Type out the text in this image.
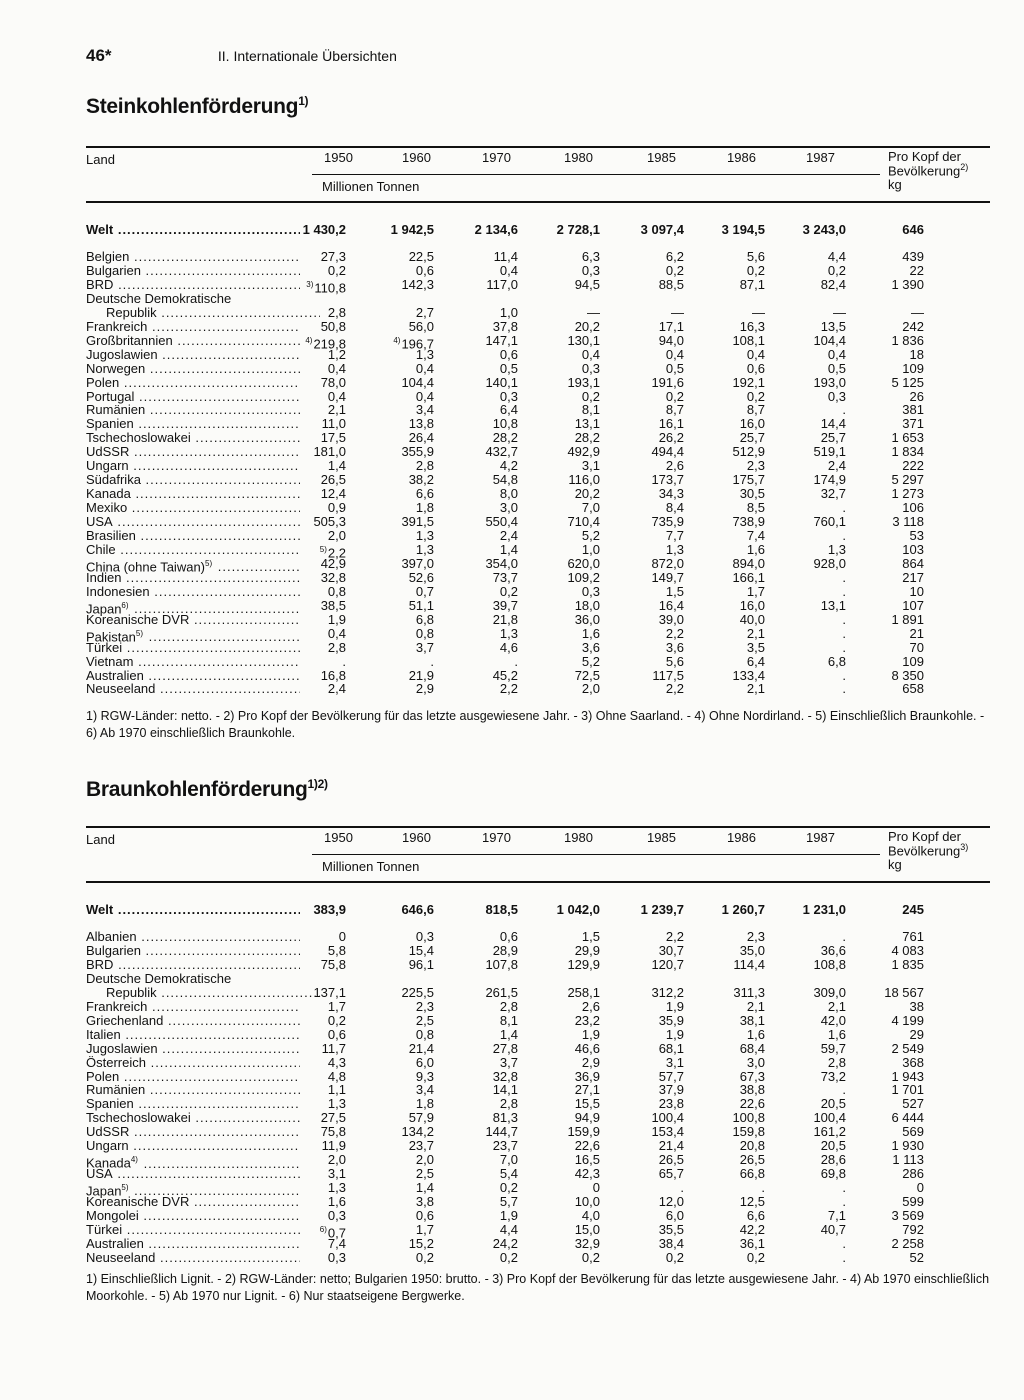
46*	II. Internationale Übersichten
Steinkohlenförderung$^{1)}$
Land	1950	1960	1970	1980	1985	1986	1987
Millionen Tonnen
Pro Kopf der
Bevölkerung$^{2)}$
kg
Welt .....	1 430,2	1 942,5	2 134,6	2 728,1	3 097,4	3 194,5	3 243,0	646
Belgien .....	27,3	22,5	11,4	6,3	6,2	5,6	4,4	439
Bulgarien .....	0,2	0,6	0,4	0,3	0,2	0,2	0,2	22
BRD .....	$^{3)}$110,8	142,3	117,0	94,5	88,5	87,1	82,4	1 390
Deutsche Demokratische
Republik .....	2,8	2,7	1,0	—	—	—	—	—
Frankreich .....	50,8	56,0	37,8	20,2	17,1	16,3	13,5	242
Großbritannien .....	$^{4)}$219,8	$^{4)}$196,7	147,1	130,1	94,0	108,1	104,4	1 836
Jugoslawien .....	1,2	1,3	0,6	0,4	0,4	0,4	0,4	18
Norwegen .....	0,4	0,4	0,5	0,3	0,5	0,6	0,5	109
Polen .....	78,0	104,4	140,1	193,1	191,6	192,1	193,0	5 125
Portugal .....	0,4	0,4	0,3	0,2	0,2	0,2	0,3	26
Rumänien .....	2,1	3,4	6,4	8,1	8,7	8,7	.	381
Spanien .....	11,0	13,8	10,8	13,1	16,1	16,0	14,4	371
Tschechoslowakei .....	17,5	26,4	28,2	28,2	26,2	25,7	25,7	1 653
UdSSR .....	181,0	355,9	432,7	492,9	494,4	512,9	519,1	1 834
Ungarn .....	1,4	2,8	4,2	3,1	2,6	2,3	2,4	222
Südafrika .....	26,5	38,2	54,8	116,0	173,7	175,7	174,9	5 297
Kanada .....	12,4	6,6	8,0	20,2	34,3	30,5	32,7	1 273
Mexiko .....	0,9	1,8	3,0	7,0	8,4	8,5	.	106
USA .....	505,3	391,5	550,4	710,4	735,9	738,9	760,1	3 118
Brasilien .....	2,0	1,3	2,4	5,2	7,7	7,4	.	53
Chile .....	$^{5)}$2,2	1,3	1,4	1,0	1,3	1,6	1,3	103
China (ohne Taiwan)$^{5)}$ .....	42,9	397,0	354,0	620,0	872,0	894,0	928,0	864
Indien .....	32,8	52,6	73,7	109,2	149,7	166,1	.	217
Indonesien .....	0,8	0,7	0,2	0,3	1,5	1,7	.	10
Japan$^{6)}$ .....	38,5	51,1	39,7	18,0	16,4	16,0	13,1	107
Koreanische DVR .....	1,9	6,8	21,8	36,0	39,0	40,0	.	1 891
Pakistan$^{5)}$ .....	0,4	0,8	1,3	1,6	2,2	2,1	.	21
Türkei .....	2,8	3,7	4,6	3,6	3,6	3,5	.	70
Vietnam .....	.	.	.	5,2	5,6	6,4	6,8	109
Australien .....	16,8	21,9	45,2	72,5	117,5	133,4	.	8 350
Neuseeland .....	2,4	2,9	2,2	2,0	2,2	2,1	.	658
1) RGW-Länder: netto. - 2) Pro Kopf der Bevölkerung für das letzte ausgewiesene Jahr. - 3) Ohne Saarland. - 4) Ohne Nordirland. - 5) Einschließlich Braunkohle. - 6) Ab 1970 einschließlich Braunkohle.
Braunkohlenförderung$^{1)2)}$
Land	1950	1960	1970	1980	1985	1986	1987
Millionen Tonnen
Pro Kopf der
Bevölkerung$^{3)}$
kg
Welt .....	383,9	646,6	818,5	1 042,0	1 239,7	1 260,7	1 231,0	245
Albanien .....	0	0,3	0,6	1,5	2,2	2,3	.	761
Bulgarien .....	5,8	15,4	28,9	29,9	30,7	35,0	36,6	4 083
BRD .....	75,8	96,1	107,8	129,9	120,7	114,4	108,8	1 835
Deutsche Demokratische
Republik .....	137,1	225,5	261,5	258,1	312,2	311,3	309,0	18 567
Frankreich .....	1,7	2,3	2,8	2,6	1,9	2,1	2,1	38
Griechenland .....	0,2	2,5	8,1	23,2	35,9	38,1	42,0	4 199
Italien .....	0,6	0,8	1,4	1,9	1,9	1,6	1,6	29
Jugoslawien .....	11,7	21,4	27,8	46,6	68,1	68,4	59,7	2 549
Österreich .....	4,3	6,0	3,7	2,9	3,1	3,0	2,8	368
Polen .....	4,8	9,3	32,8	36,9	57,7	67,3	73,2	1 943
Rumänien .....	1,1	3,4	14,1	27,1	37,9	38,8	.	1 701
Spanien .....	1,3	1,8	2,8	15,5	23,8	22,6	20,5	527
Tschechoslowakei .....	27,5	57,9	81,3	94,9	100,4	100,8	100,4	6 444
UdSSR .....	75,8	134,2	144,7	159,9	153,4	159,8	161,2	569
Ungarn .....	11,9	23,7	23,7	22,6	21,4	20,8	20,5	1 930
Kanada$^{4)}$ .....	2,0	2,0	7,0	16,5	26,5	26,5	28,6	1 113
USA .....	3,1	2,5	5,4	42,3	65,7	66,8	69,8	286
Japan$^{5)}$ .....	1,3	1,4	0,2	0	.	.	.	0
Koreanische DVR .....	1,6	3,8	5,7	10,0	12,0	12,5	.	599
Mongolei .....	0,3	0,6	1,9	4,0	6,0	6,6	7,1	3 569
Türkei .....	$^{6)}$0,7	1,7	4,4	15,0	35,5	42,2	40,7	792
Australien .....	7,4	15,2	24,2	32,9	38,4	36,1	.	2 258
Neuseeland .....	0,3	0,2	0,2	0,2	0,2	0,2	.	52
1) Einschließlich Lignit. - 2) RGW-Länder: netto; Bulgarien 1950: brutto. - 3) Pro Kopf der Bevölkerung für das letzte ausgewiesene Jahr. - 4) Ab 1970 einschließlich Moorkohle. - 5) Ab 1970 nur Lignit. - 6) Nur staatseigene Bergwerke.
